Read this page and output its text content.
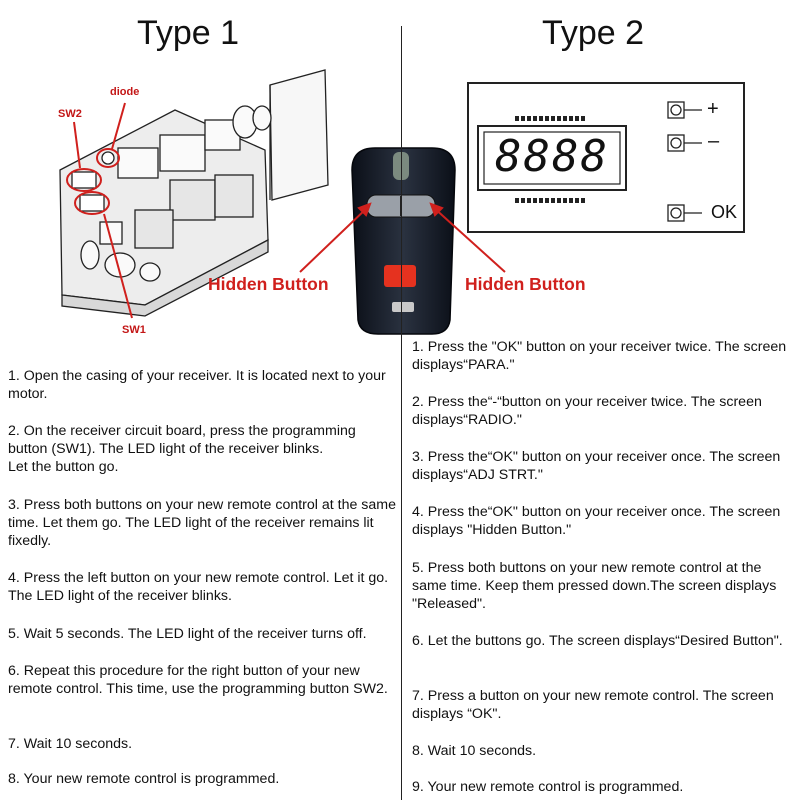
Type 1	Type 2
diode
SW2
SW1
Hidden Button	Hidden Button
8888
+
–
OK
1. Open the casing of your receiver. It is located next to your motor.
2. On the receiver circuit board, press the programming button (SW1). The LED light of the receiver blinks.
Let the button go.
3. Press both buttons on your new remote control at the same time. Let them go. The LED light of the receiver remains lit fixedly.
4. Press the left button on your new remote control. Let it go. The LED light of the receiver blinks.
5. Wait 5 seconds. The LED light of the receiver turns off.
6. Repeat this procedure for the right button of your new remote control. This time, use the programming button SW2.
7. Wait 10 seconds.
8. Your new remote control is programmed.
1. Press the "OK" button on your receiver twice. The screen displays“PARA."
2. Press the“-“button on your receiver twice. The screen displays“RADIO."
3. Press the“OK" button on your receiver once. The screen displays“ADJ STRT."
4. Press the“OK" button on your receiver once. The screen displays "Hidden Button."
5. Press both buttons on your new remote control at the same time. Keep them pressed down.The screen displays "Released".
6. Let the buttons go. The screen displays“Desired Button".
7. Press a button on your new remote control. The screen displays “OK".
8. Wait 10 seconds.
9. Your new remote control is programmed.
